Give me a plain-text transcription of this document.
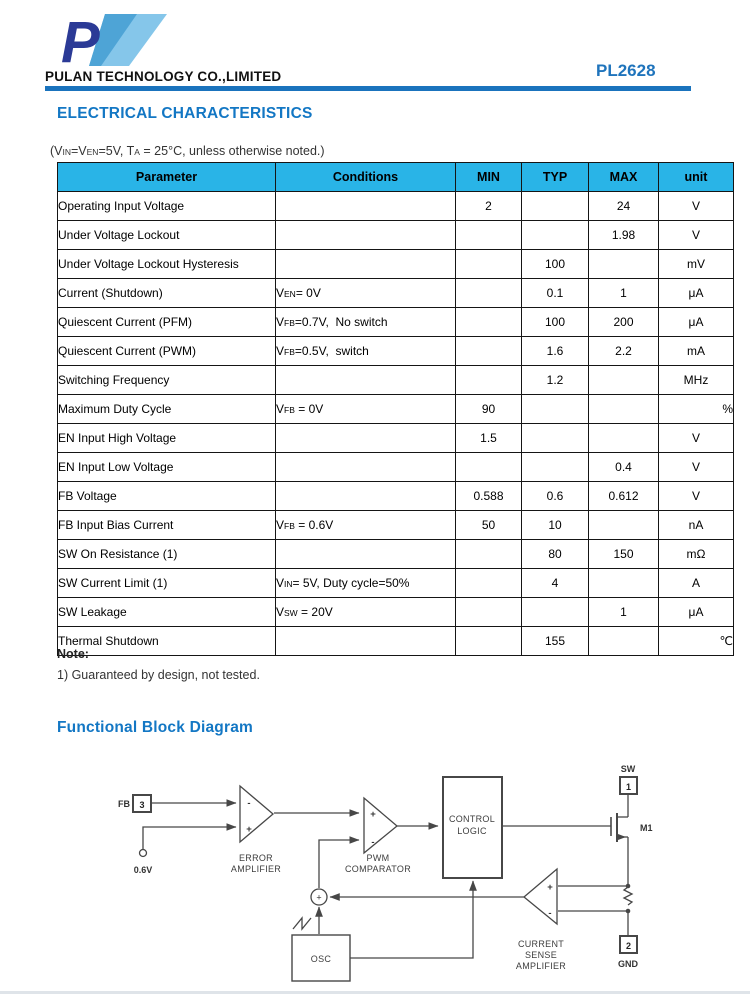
P
PULAN TECHNOLOGY CO.,LIMITED	PL2628
ELECTRICAL CHARACTERISTICS
(VIN=VEN=5V, TA = 25°C, unless otherwise noted.)
Parameter	Conditions	MIN	TYP	MAX	unit
Operating Input Voltage		2		24	V
Under Voltage Lockout				1.98	V
Under Voltage Lockout Hysteresis			100		mV
Current (Shutdown)	VEN= 0V		0.1	1	μA
Quiescent Current (PFM)	VFB=0.7V,  No switch		100	200	μA
Quiescent Current (PWM)	VFB=0.5V,  switch		1.6	2.2	mA
Switching Frequency			1.2		MHz
Maximum Duty Cycle	VFB = 0V	90			%
EN Input High Voltage		1.5			V
EN Input Low Voltage				0.4	V
FB Voltage		0.588	0.6	0.612	V
FB Input Bias Current	VFB = 0.6V	50	10		nA
SW On Resistance (1)			80	150	mΩ
SW Current Limit (1)	VIN= 5V, Duty cycle=50%		4		A
SW Leakage	VSW = 20V			1	μA
Thermal Shutdown			155		℃
Note:
1) Guaranteed by design, not tested.
Functional Block Diagram
FB 3
0.6V
-
+
ERROR
AMPLIFIER
+
-
PWM
COMPARATOR
CONTROL
LOGIC
OSC
+
+
-
CURRENT
SENSE
AMPLIFIER
SW
1
M1
2
GND
